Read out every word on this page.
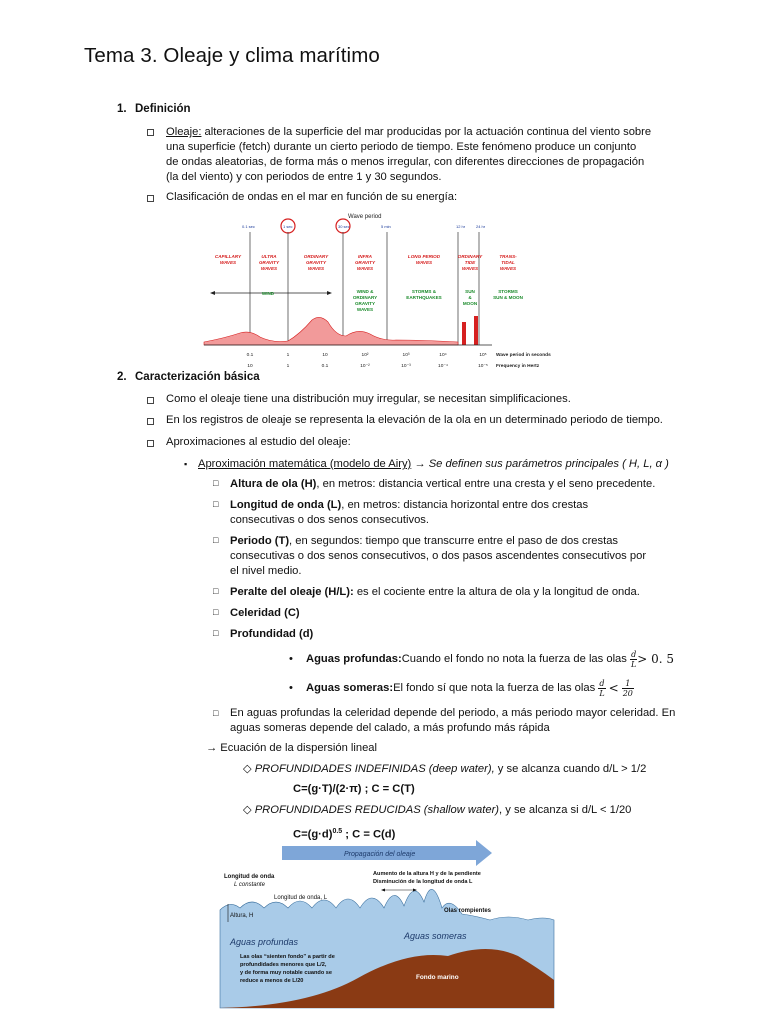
Tema 3. Oleaje y clima marítimo
1. Definición
Oleaje: alteraciones de la superficie del mar producidas por la actuación continua del viento sobre
una superficie (fetch) durante un cierto periodo de tiempo. Este fenómeno produce un conjunto
de ondas aleatorias, de forma más o menos irregular, con diferentes direcciones de propagación
(la del viento) y con periodos de entre 1 y 30 segundos.
Clasificación de ondas en el mar en función de su energía:
Wave period
0.1 sec	1 sec	30 sec	5 min	12 hr	24 hr
CAPILLARY
WAVES
ULTRA
GRAVITY
WAVES
ORDINARY
GRAVITY
WAVES
INFRA
GRAVITY
WAVES
LONG PERIOD
WAVES
ORDINARY
TIDE
WAVES
TRANS-
TIDAL
WAVES
WIND	WIND &
ORDINARY
GRAVITY
WAVES
STORMS &
EARTHQUAKES
SUN
&
MOON
STORMS
SUN & MOON
0.1	1	10	10²	10³	10⁴	10⁵
10	1	0.1	10⁻²	10⁻³	10⁻⁴	10⁻⁵
Wave period in seconds
Frequency in Hertz
2. Caracterización básica
Como el oleaje tiene una distribución muy irregular, se necesitan simplificaciones.
En los registros de oleaje se representa la elevación de la ola en un determinado periodo de tiempo.
Aproximaciones al estudio del oleaje:
▪ Aproximación matemática (modelo de Airy) → Se definen sus parámetros principales ( H, L, α )
□ Altura de ola (H), en metros: distancia vertical entre una cresta y el seno precedente.
□ Longitud de onda (L), en metros: distancia horizontal entre dos crestas
consecutivas o dos senos consecutivos.
□ Periodo (T), en segundos: tiempo que transcurre entre el paso de dos crestas
consecutivas o dos senos consecutivos, o dos pasos ascendentes consecutivos por
el nivel medio.
□ Peralte del oleaje (H/L): es el cociente entre la altura de ola y la longitud de onda.
□ Celeridad (C)
□ Profundidad (d)
• Aguas profundas: Cuando el fondo no nota la fuerza de las olas
$\frac{d}{L} > 0$. 5
• Aguas someras: El fondo sí que nota la fuerza de las olas
$\frac{d}{L} < \frac{1}{20}$
□ En aguas profundas la celeridad depende del periodo, a más periodo mayor celeridad. En
aguas someras depende del calado, a más profundo más rápida
→ Ecuación de la dispersión lineal
◇ PROFUNDIDADES INDEFINIDAS (deep water), y se alcanza cuando d/L > 1/2
C=(g·T)/(2·π) ; C = C(T)
◇ PROFUNDIDADES REDUCIDAS (shallow water), y se alcanza si d/L < 1/20
$C=(g\cdot d)^{0.5}$ ; C = C(d)
Propagación del oleaje
Longitud de onda
L constante
Aumento de la altura H y de la pendiente
Disminución de la longitud de onda L
Longitud de onda, L
Altura, H
Olas rompientes
Aguas profundas
Aguas someras
Las olas “sienten fondo” a partir de
profundidades menores que L/2,
y de forma muy notable cuando se
reduce a menos de L/20	Fondo marino
